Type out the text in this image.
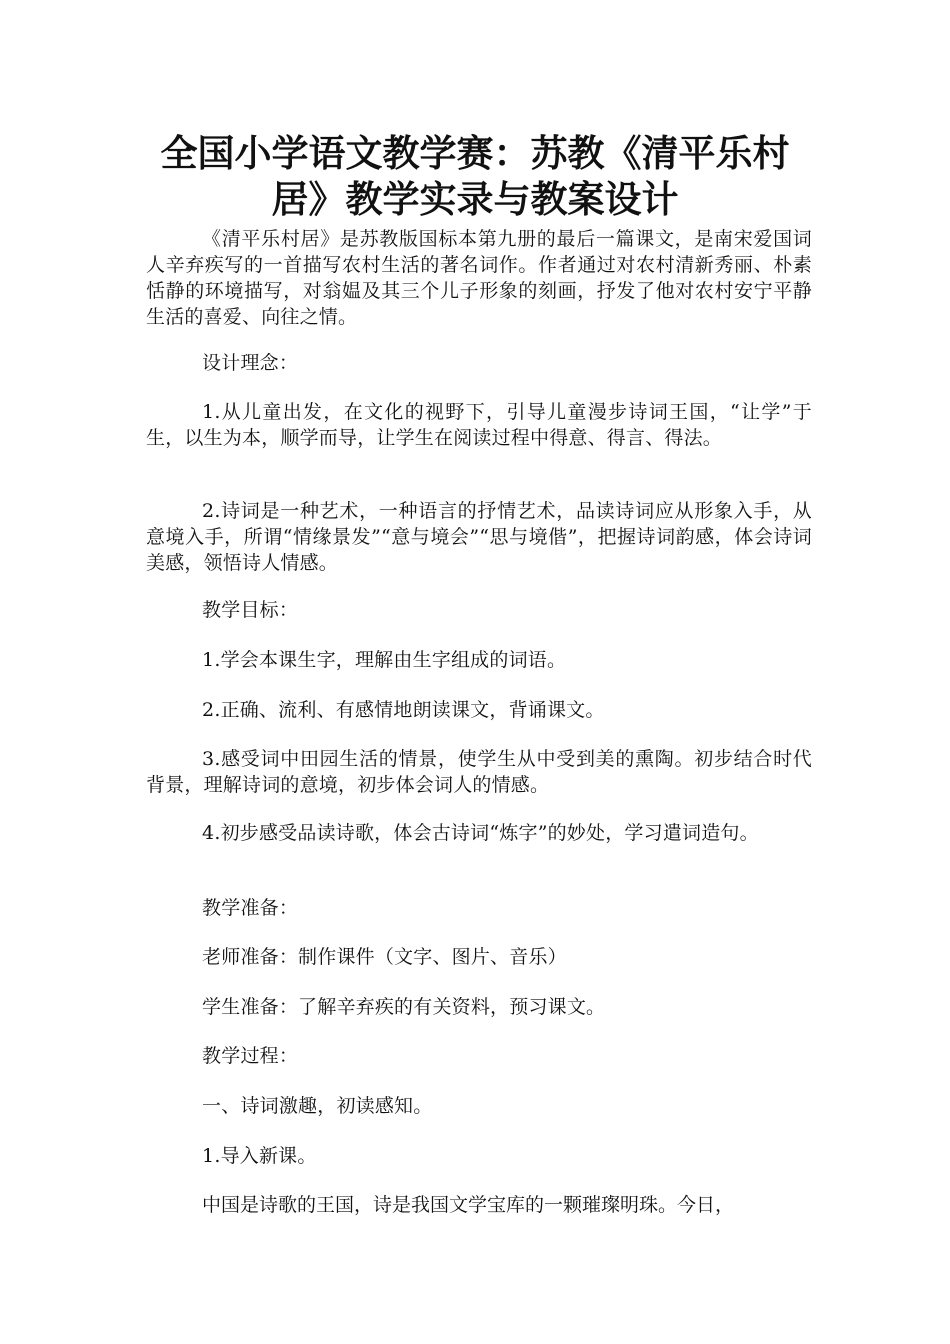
全国小学语文教学赛：苏教《清平乐村
居》教学实录与教案设计

《清平乐村居》是苏教版国标本第九册的最后一篇课文，是南宋爱国词人辛弃疾写的一首描写农村生活的著名词作。作者通过对农村清新秀丽、朴素恬静的环境描写，对翁媪及其三个儿子形象的刻画，抒发了他对农村安宁平静生活的喜爱、向往之情。

设计理念：

1.从儿童出发，在文化的视野下，引导儿童漫步诗词王国，“让学”于生，以生为本，顺学而导，让学生在阅读过程中得意、得言、得法。

2.诗词是一种艺术，一种语言的抒情艺术，品读诗词应从形象入手，从意境入手，所谓“情缘景发”“意与境会”“思与境偕”，把握诗词韵感，体会诗词美感，领悟诗人情感。

教学目标：

1.学会本课生字，理解由生字组成的词语。

2.正确、流利、有感情地朗读课文，背诵课文。

3.感受词中田园生活的情景，使学生从中受到美的熏陶。初步结合时代背景，理解诗词的意境，初步体会词人的情感。

4.初步感受品读诗歌，体会古诗词“炼字”的妙处，学习遣词造句。

教学准备：

老师准备：制作课件（文字、图片、音乐）

学生准备：了解辛弃疾的有关资料，预习课文。

教学过程：

一、诗词激趣，初读感知。

1.导入新课。

中国是诗歌的王国，诗是我国文学宝库的一颗璀璨明珠。今日，
